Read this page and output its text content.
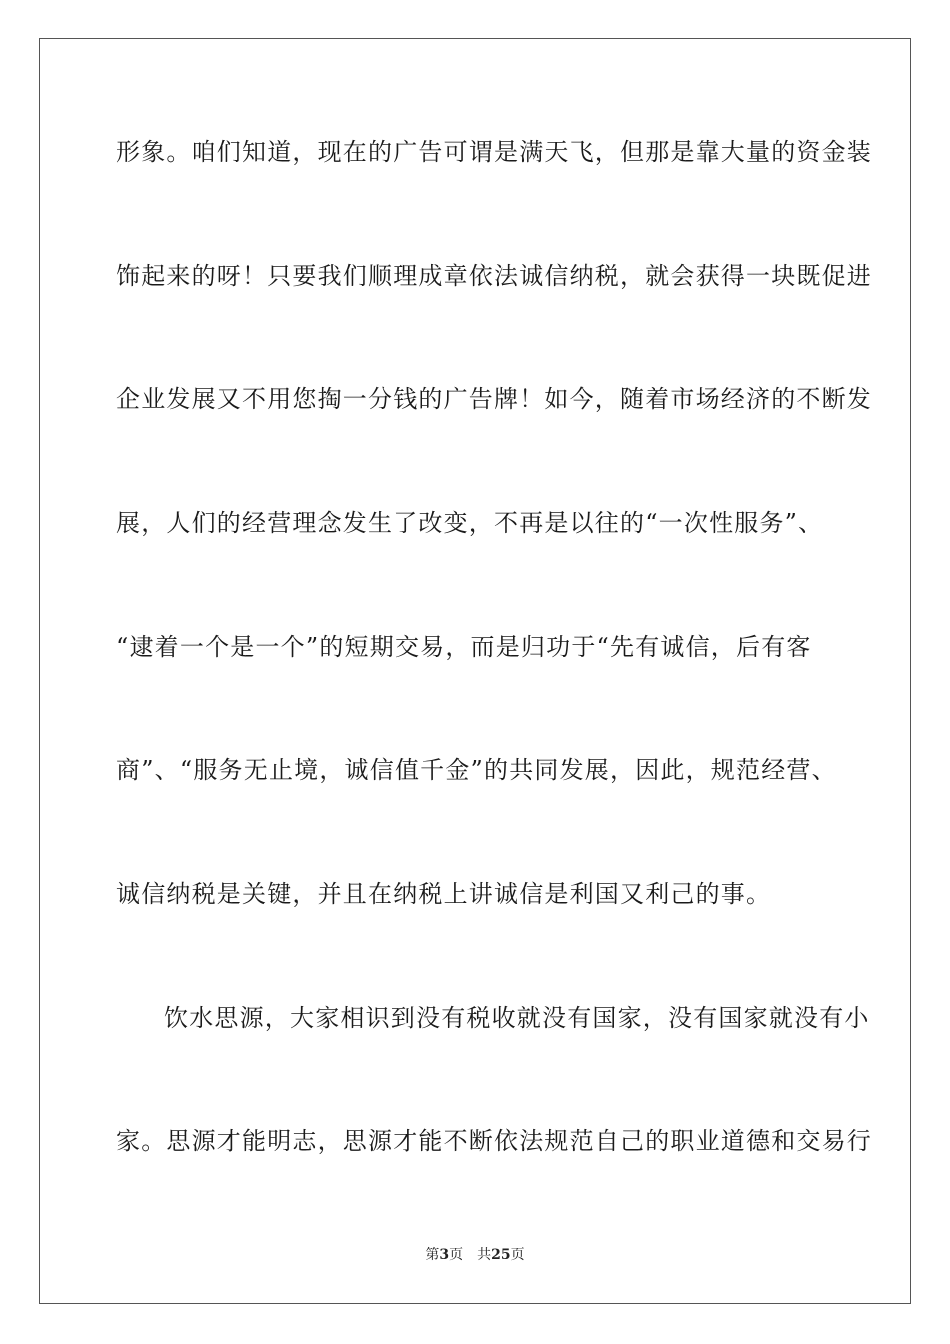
形象。咱们知道，现在的广告可谓是满天飞，但那是靠大量的资金装
饰起来的呀！只要我们顺理成章依法诚信纳税，就会获得一块既促进
企业发展又不用您掏一分钱的广告牌！如今，随着市场经济的不断发
展，人们的经营理念发生了改变，不再是以往的“一次性服务”、
“逮着一个是一个”的短期交易，而是归功于“先有诚信，后有客
商”、“服务无止境，诚信值千金”的共同发展，因此，规范经营、
诚信纳税是关键，并且在纳税上讲诚信是利国又利己的事。
饮水思源，大家相识到没有税收就没有国家，没有国家就没有小
家。思源才能明志，思源才能不断依法规范自己的职业道德和交易行
第3页 共25页
